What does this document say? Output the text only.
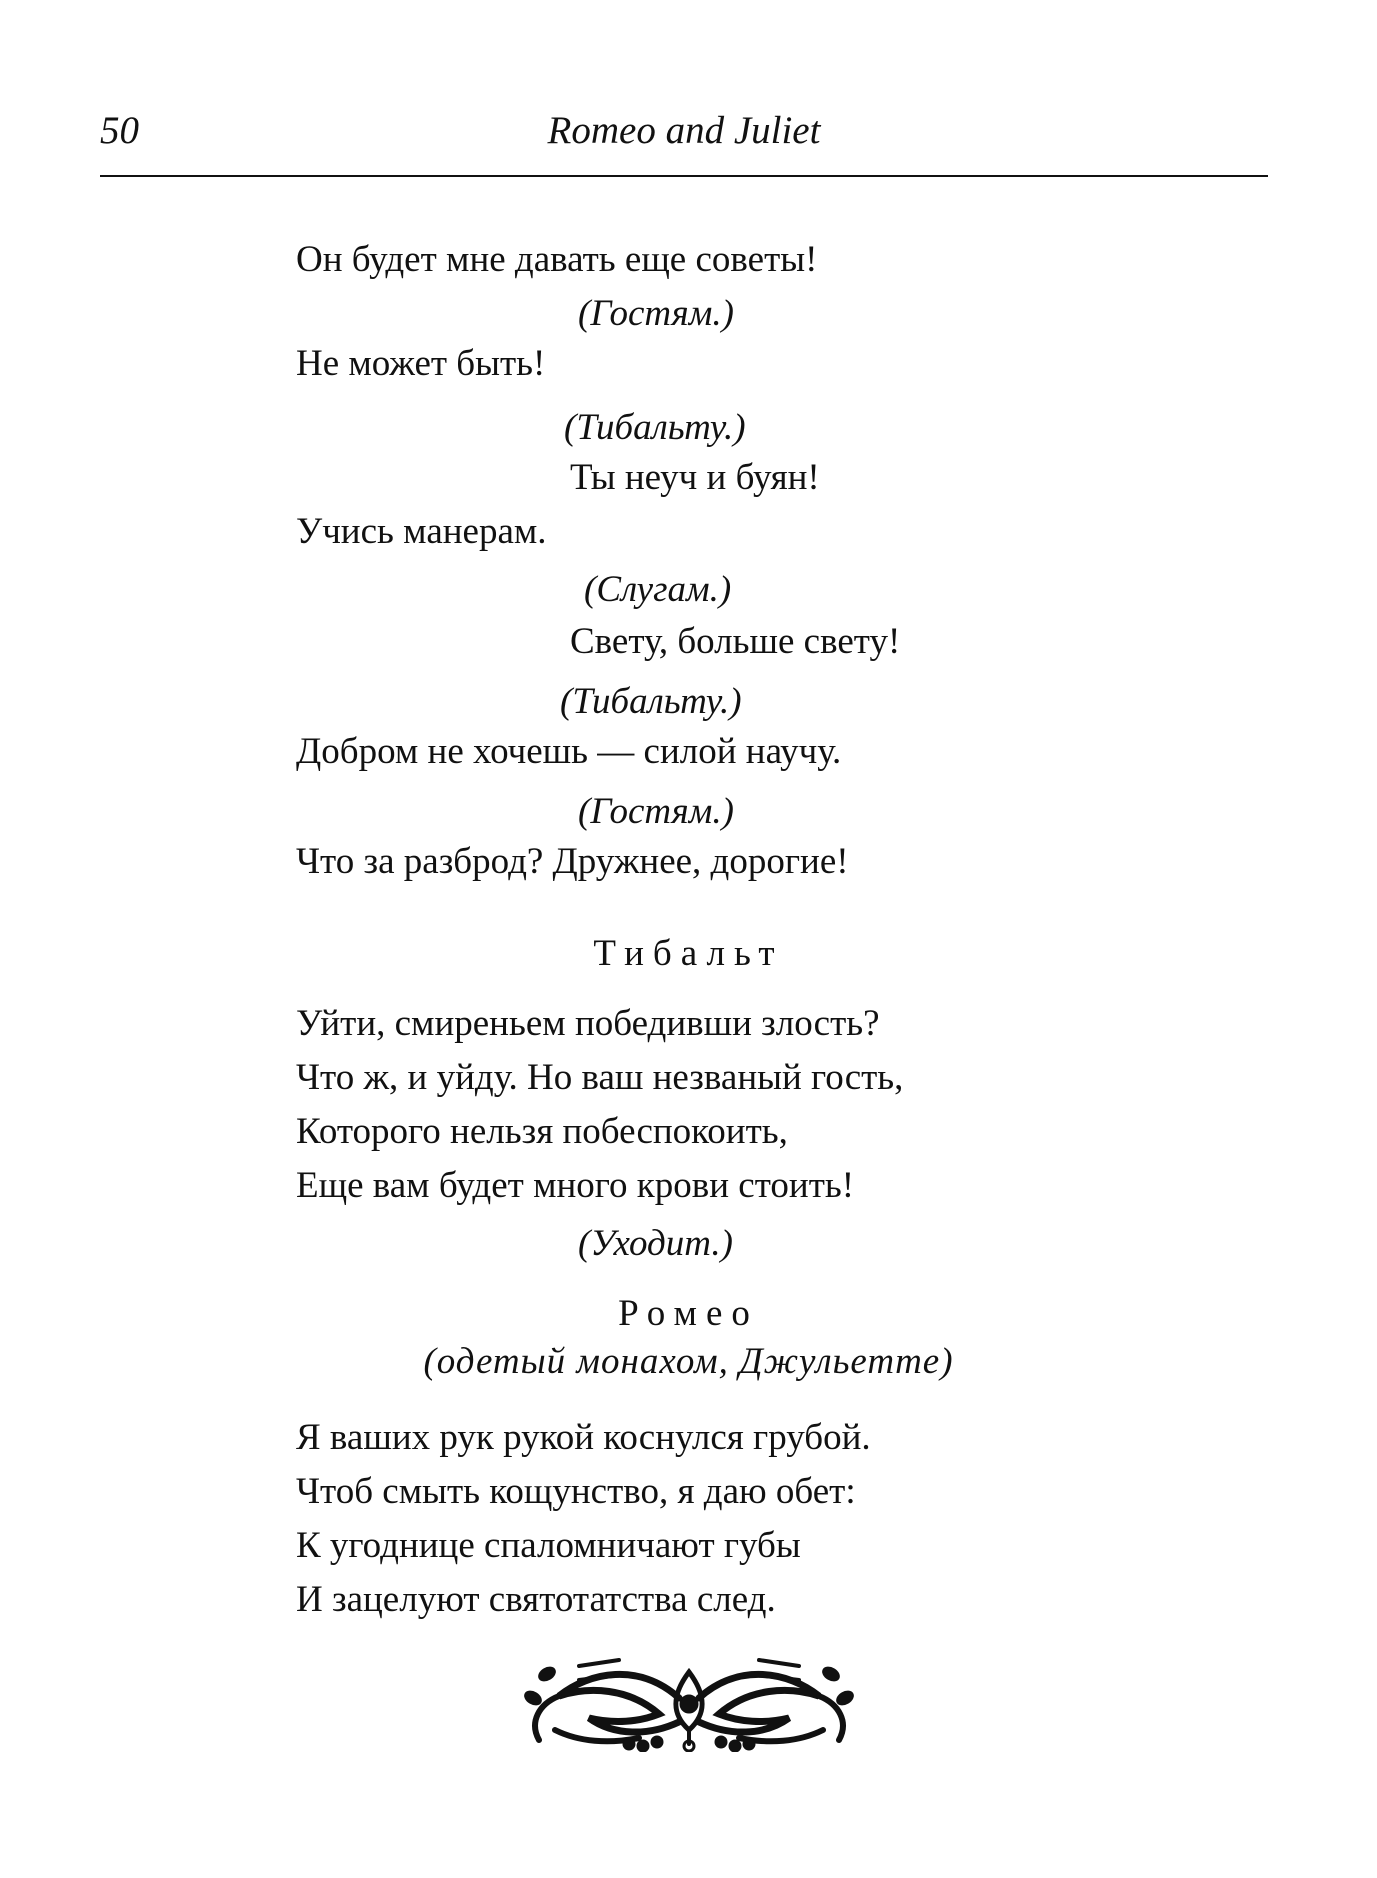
50	Romeo and Juliet
Он будет мне давать еще советы!
(Гостям.)
Не может быть!
(Тибальту.)
Ты неуч и буян!
Учись манерам.
(Слугам.)
Свету, больше свету!
(Тибальту.)
Добром не хочешь — силой научу.
(Гостям.)
Что за разброд? Дружнее, дорогие!
Тибальт
Уйти, смиреньем победивши злость?
Что ж, и уйду. Но ваш незваный гость,
Которого нельзя побеспокоить,
Еще вам будет много крови стоить!
(Уходит.)
Ромео
(одетый монахом, Джульетте)
Я ваших рук рукой коснулся грубой.
Чтоб смыть кощунство, я даю обет:
К угоднице спаломничают губы
И зацелуют святотатства след.
